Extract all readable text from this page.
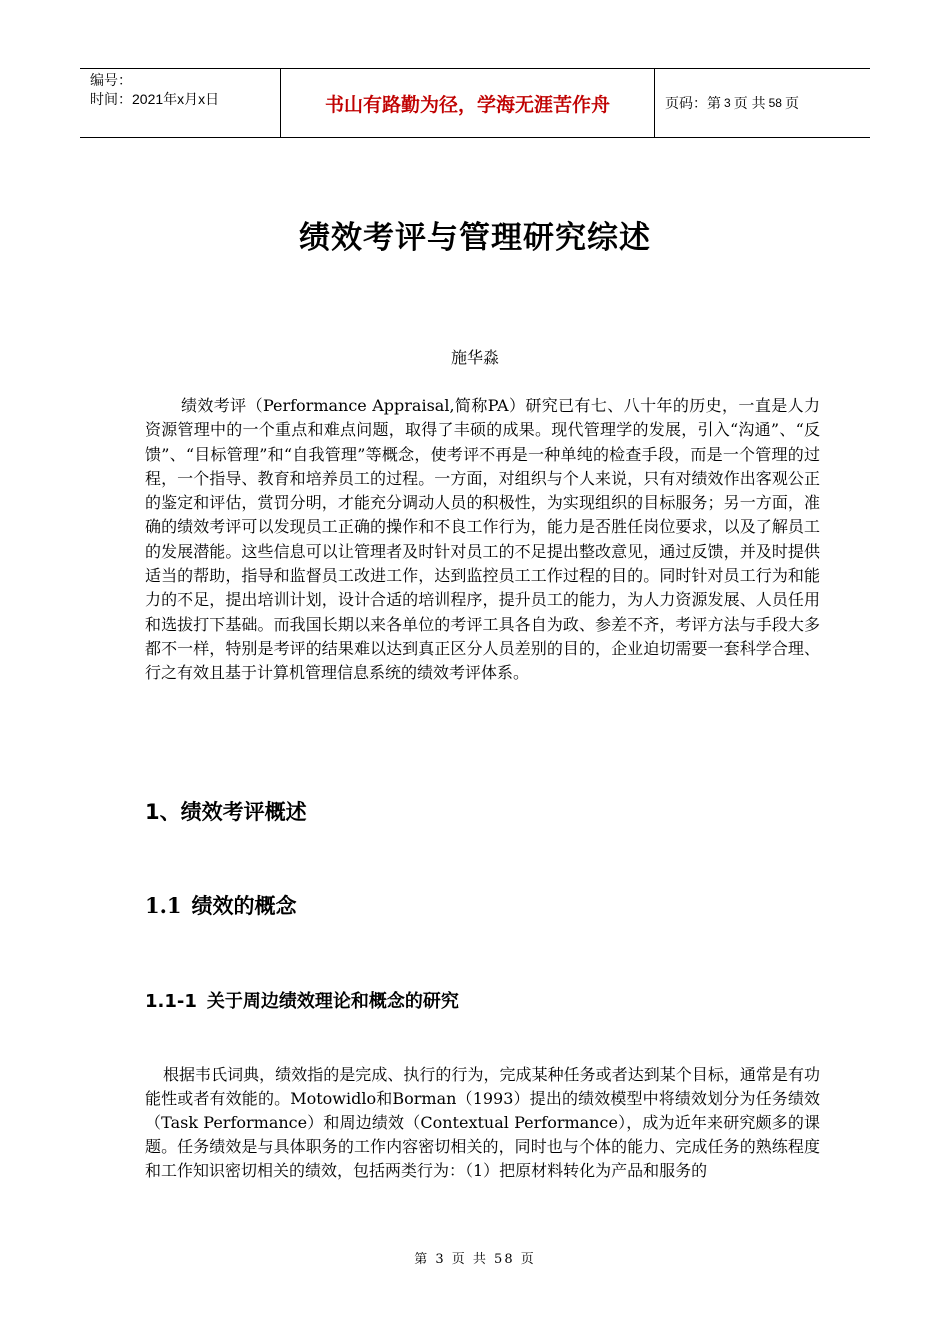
编号：
时间：2021年x月x日	书山有路勤为径，学海无涯苦作舟	页码：第 3 页 共 58 页
绩效考评与管理研究综述
施华淼

绩效考评（Performance Appraisal,简称PA）研究已有七、八十年的历史，一直是人力资源管理中的一个重点和难点问题，取得了丰硕的成果。现代管理学的发展，引入“沟通”、“反馈”、“目标管理”和“自我管理”等概念，使考评不再是一种单纯的检查手段，而是一个管理的过程，一个指导、教育和培养员工的过程。一方面，对组织与个人来说，只有对绩效作出客观公正的鉴定和评估，赏罚分明，才能充分调动人员的积极性，为实现组织的目标服务；另一方面，准确的绩效考评可以发现员工正确的操作和不良工作行为，能力是否胜任岗位要求，以及了解员工的发展潜能。这些信息可以让管理者及时针对员工的不足提出整改意见，通过反馈，并及时提供适当的帮助，指导和监督员工改进工作，达到监控员工工作过程的目的。同时针对员工行为和能力的不足，提出培训计划，设计合适的培训程序，提升员工的能力，为人力资源发展、人员任用和选拔打下基础。而我国长期以来各单位的考评工具各自为政、参差不齐，考评方法与手段大多都不一样，特别是考评的结果难以达到真正区分人员差别的目的，企业迫切需要一套科学合理、行之有效且基于计算机管理信息系统的绩效考评体系。

1、绩效考评概述
1.1 绩效的概念
1.1-1 关于周边绩效理论和概念的研究

根据韦氏词典，绩效指的是完成、执行的行为，完成某种任务或者达到某个目标，通常是有功能性或者有效能的。Motowidlo和Borman（1993）提出的绩效模型中将绩效划分为任务绩效（Task Performance）和周边绩效（Contextual Performance），成为近年来研究颇多的课题。任务绩效是与具体职务的工作内容密切相关的，同时也与个体的能力、完成任务的熟练程度和工作知识密切相关的绩效，包括两类行为：（1）把原材料转化为产品和服务的

第 3 页 共 58 页
